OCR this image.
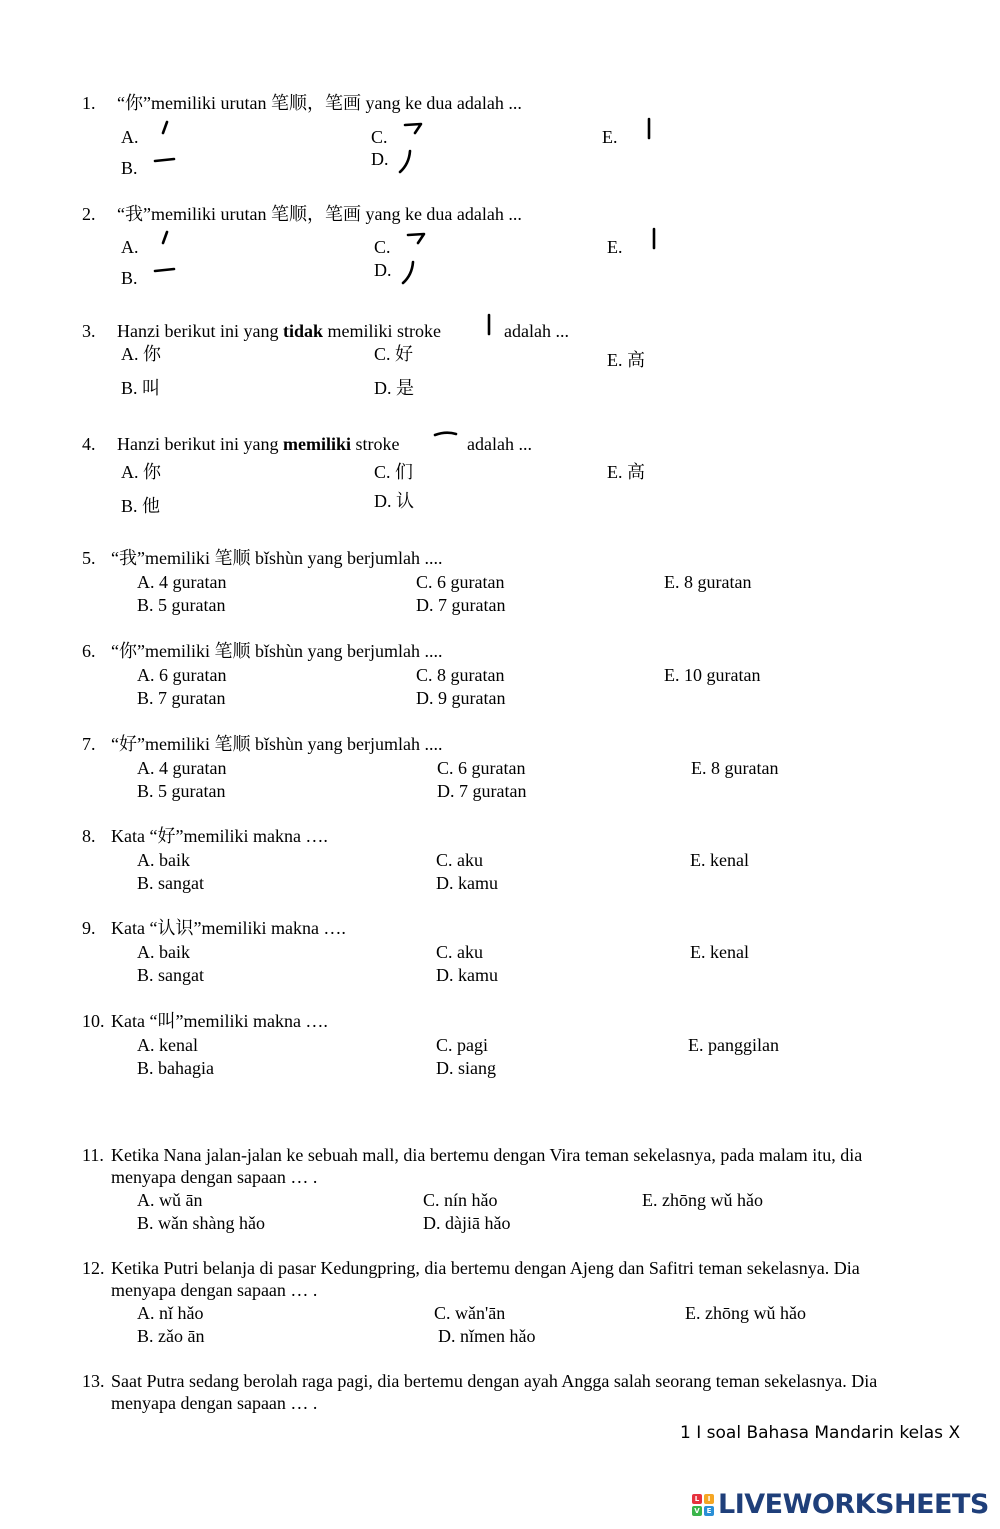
1. “你”memiliki urutan 笔顺，笔画 yang ke dua adalah ...
A.
B.
C.
D.
E.
2. “我”memiliki urutan 笔顺，笔画 yang ke dua adalah ...
A.
B.
C.
D.
E.
3. Hanzi berikut ini yang tidak memiliki stroke	adalah ...
A. 你
B. 叫
C. 好
D. 是
E. 高
4. Hanzi berikut ini yang memiliki stroke	adalah ...
A. 你
B. 他
C. 们
D. 认
E. 高
5. “我”memiliki 笔顺 bǐshùn yang berjumlah ....
A. 4 guratan
B. 5 guratan
C. 6 guratan
D. 7 guratan
E. 8 guratan
6. “你”memiliki 笔顺 bǐshùn yang berjumlah ....
A. 6 guratan
B. 7 guratan
C. 8 guratan
D. 9 guratan
E. 10 guratan
7. “好”memiliki 笔顺 bǐshùn yang berjumlah ....
A. 4 guratan
B. 5 guratan
C. 6 guratan
D. 7 guratan
E. 8 guratan
8. Kata “好”memiliki makna ….
A. baik
B. sangat
C. aku
D. kamu
E. kenal
9. Kata “认识”memiliki makna ….
A. baik
B. sangat
C. aku
D. kamu
E. kenal
10. Kata “叫”memiliki makna ….
A. kenal
B. bahagia
C. pagi
D. siang
E. panggilan
11. Ketika Nana jalan-jalan ke sebuah mall, dia bertemu dengan Vira teman sekelasnya, pada malam itu, dia
menyapa dengan sapaan … .
A. wǔ ān
B. wǎn shàng hǎo
C. nín hǎo
D. dàjiā hǎo
E. zhōng wǔ hǎo
12. Ketika Putri belanja di pasar Kedungpring, dia bertemu dengan Ajeng dan Safitri teman sekelasnya. Dia
menyapa dengan sapaan … .
A. nǐ hǎo
B. zǎo ān
C. wǎn'ān
D. nǐmen hǎo
E. zhōng wǔ hǎo
13. Saat Putra sedang berolah raga pagi, dia bertemu dengan ayah Angga salah seorang teman sekelasnya. Dia
menyapa dengan sapaan … .
1 I soal Bahasa Mandarin kelas X
L	I
V E LIVEWORKSHEETS
